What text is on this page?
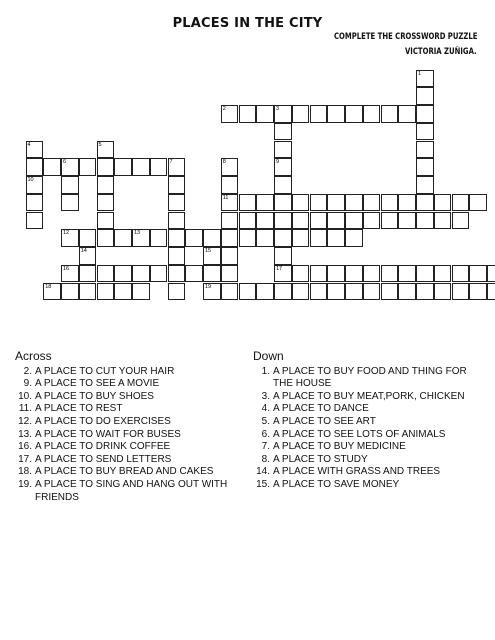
PLACES IN THE CITY
COMPLETE THE CROSSWORD PUZZLE
VICTORIA ZUÑIGA.
2	3
6	7
11
12	13
16	17
18	19
1
9
4
10
5
8
14	15
Across
2. A PLACE TO CUT YOUR HAIR
9. A PLACE TO SEE A MOVIE
10. A PLACE TO BUY SHOES
11. A PLACE TO REST
12. A PLACE TO DO EXERCISES
13. A PLACE TO WAIT FOR BUSES
16. A PLACE TO DRINK COFFEE
17. A PLACE TO SEND LETTERS
18. A PLACE TO BUY BREAD AND CAKES
19. A PLACE TO SING AND HANG OUT WITH FRIENDS
Down
1. A PLACE TO BUY FOOD AND THING FOR THE HOUSE
3. A PLACE TO BUY MEAT,PORK, CHICKEN
4. A PLACE TO DANCE
5. A PLACE TO SEE ART
6. A PLACE TO SEE LOTS OF ANIMALS
7. A PLACE TO BUY MEDICINE
8. A PLACE TO STUDY
14. A PLACE WITH GRASS AND TREES
15. A PLACE TO SAVE MONEY
